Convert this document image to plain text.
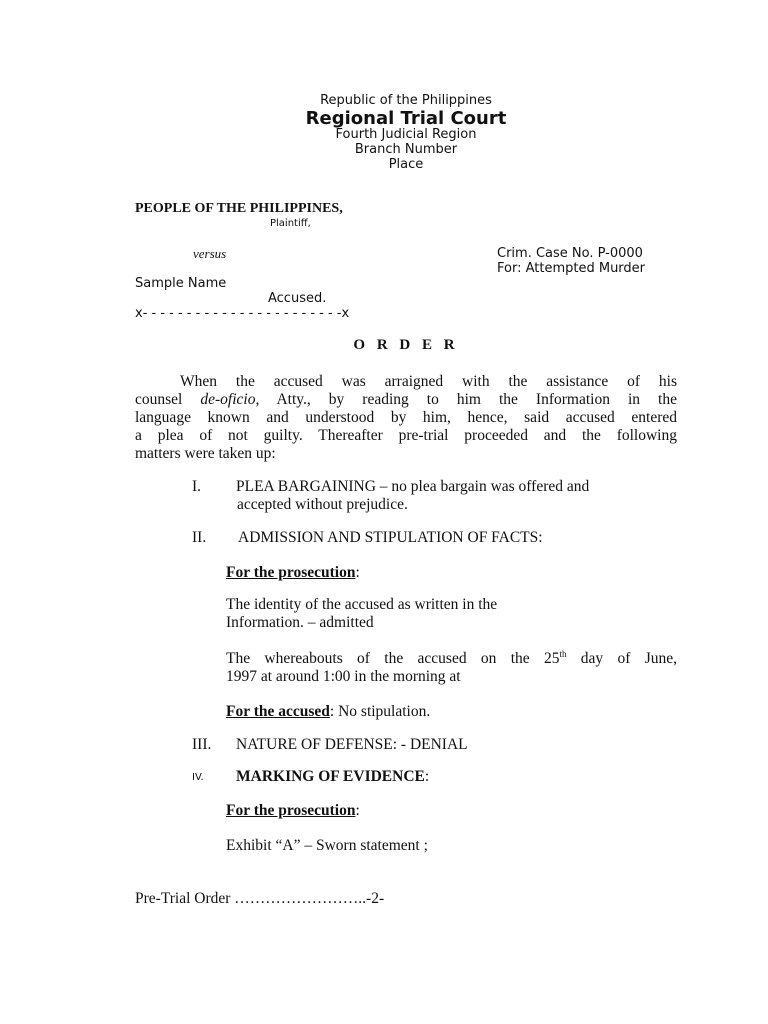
Republic of the Philippines
Regional Trial Court
Fourth Judicial Region
Branch Number
Place
PEOPLE OF THE PHILIPPINES,
Plaintiff,
versus	Crim. Case No. P-0000
For: Attempted Murder
Sample Name
Accused.
x- - - - - - - - - - - - - - - - - - - - - - -x
O R D E R
When the accused was arraigned with the assistance of his
counsel de-oficio, Atty., by reading to him the Information in the
language known and understood by him, hence, said accused entered
a plea of not guilty. Thereafter pre-trial proceeded and the following
matters were taken up:
I. PLEA BARGAINING – no plea bargain was offered and
accepted without prejudice.
II. ADMISSION AND STIPULATION OF FACTS:
For the prosecution:
The identity of the accused as written in the
Information. – admitted
The whereabouts of the accused on the 25th day of June,
1997 at around 1:00 in the morning at
For the accused: No stipulation.
III. NATURE OF DEFENSE: - DENIAL
IV. MARKING OF EVIDENCE:
For the prosecution:
Exhibit “A” – Sworn statement ;
Pre-Trial Order ……………………..-2-
